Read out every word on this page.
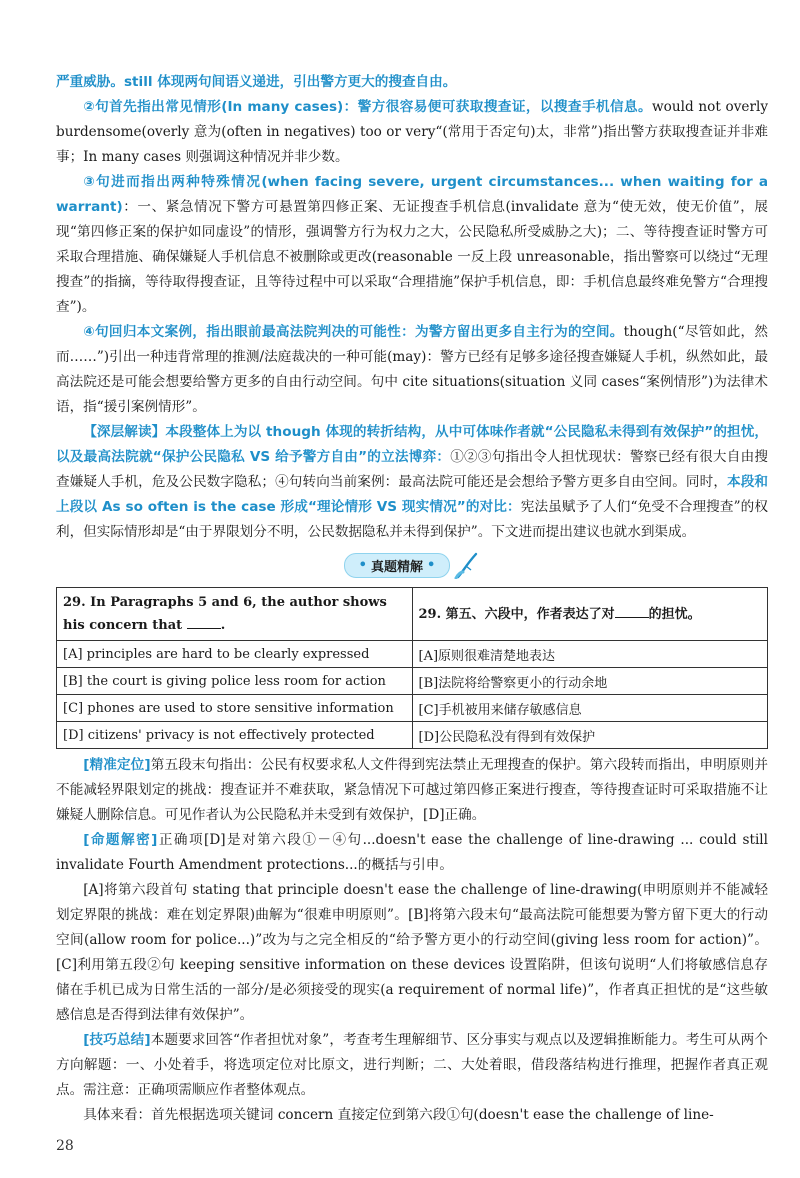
严重威胁。still 体现两句间语义递进，引出警方更大的搜查自由。

②句首先指出常见情形(In many cases)：警方很容易便可获取搜查证，以搜查手机信息。would not overly burdensome(overly 意为(often in negatives) too or very“(常用于否定句)太，非常”)指出警方获取搜查证并非难事；In many cases 则强调这种情况并非少数。

③句进而指出两种特殊情况(when facing severe, urgent circumstances... when waiting for a warrant)：一、紧急情况下警方可悬置第四修正案、无证搜查手机信息(invalidate 意为“使无效，使无价值”，展现“第四修正案的保护如同虚设”的情形，强调警方行为权力之大，公民隐私所受威胁之大)；二、等待搜查证时警方可采取合理措施、确保嫌疑人手机信息不被删除或更改(reasonable 一反上段 unreasonable，指出警察可以绕过“无理搜查”的指摘，等待取得搜查证，且等待过程中可以采取“合理措施”保护手机信息，即：手机信息最终难免警方“合理搜查”)。

④句回归本文案例，指出眼前最高法院判决的可能性：为警方留出更多自主行为的空间。though(“尽管如此，然而……”)引出一种违背常理的推测/法庭裁决的一种可能(may)：警方已经有足够多途径搜查嫌疑人手机，纵然如此，最高法院还是可能会想要给警方更多的自由行动空间。句中 cite situations(situation 义同 cases“案例情形”)为法律术语，指“援引案例情形”。

【深层解读】本段整体上为以 though 体现的转折结构，从中可体味作者就“公民隐私未得到有效保护”的担忧，以及最高法院就“保护公民隐私 VS 给予警方自由”的立法博弈：①②③句指出令人担忧现状：警察已经有很大自由搜查嫌疑人手机，危及公民数字隐私；④句转向当前案例：最高法院可能还是会想给予警方更多自由空间。同时，本段和上段以 As so often is the case 形成“理论情形 VS 现实情况”的对比：宪法虽赋予了人们“免受不合理搜查”的权利，但实际情形却是“由于界限划分不明，公民数据隐私并未得到保护”。下文进而提出建议也就水到渠成。

• 真题精解 •
29. In Paragraphs 5 and 6, the author shows his concern that .	29. 第五、六段中，作者表达了对 的担忧。
[A] principles are hard to be clearly expressed	[A]原则很难清楚地表达
[B] the court is giving police less room for action	[B]法院将给警察更小的行动余地
[C] phones are used to store sensitive information	[C]手机被用来储存敏感信息
[D] citizens' privacy is not effectively protected	[D]公民隐私没有得到有效保护

[精准定位]第五段末句指出：公民有权要求私人文件得到宪法禁止无理搜查的保护。第六段转而指出，申明原则并不能减轻界限划定的挑战：搜查证并不难获取，紧急情况下可越过第四修正案进行搜查，等待搜查证时可采取措施不让嫌疑人删除信息。可见作者认为公民隐私并未受到有效保护，[D]正确。

[命题解密]正确项[D]是对第六段①－④句...doesn't ease the challenge of line-drawing ... could still invalidate Fourth Amendment protections...的概括与引申。

[A]将第六段首句 stating that principle doesn't ease the challenge of line-drawing(申明原则并不能减轻划定界限的挑战：难在划定界限)曲解为“很难申明原则”。[B]将第六段末句“最高法院可能想要为警方留下更大的行动空间(allow room for police...)”改为与之完全相反的“给予警方更小的行动空间(giving less room for action)”。[C]利用第五段②句 keeping sensitive information on these devices 设置陷阱，但该句说明“人们将敏感信息存储在手机已成为日常生活的一部分/是必须接受的现实(a requirement of normal life)”，作者真正担忧的是“这些敏感信息是否得到法律有效保护”。

[技巧总结]本题要求回答“作者担忧对象”，考查考生理解细节、区分事实与观点以及逻辑推断能力。考生可从两个方向解题：一、小处着手，将选项定位对比原文，进行判断；二、大处着眼，借段落结构进行推理，把握作者真正观点。需注意：正确项需顺应作者整体观点。

具体来看：首先根据选项关键词 concern 直接定位到第六段①句(doesn't ease the challenge of line-

28
